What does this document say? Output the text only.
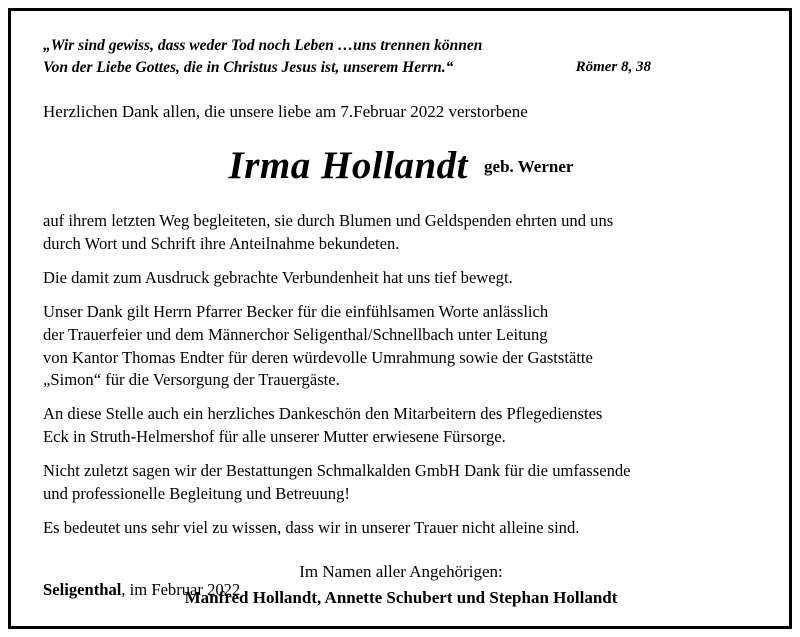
„Wir sind gewiss, dass weder Tod noch Leben …uns trennen können
Von der Liebe Gottes, die in Christus Jesus ist, unserem Herrn.“	Römer 8, 38
Herzlichen Dank allen, die unsere liebe am 7.Februar 2022 verstorbene
Irma Hollandt geb. Werner

auf ihrem letzten Weg begleiteten, sie durch Blumen und Geldspenden ehrten und uns
durch Wort und Schrift ihre Anteilnahme bekundeten.

Die damit zum Ausdruck gebrachte Verbundenheit hat uns tief bewegt.

Unser Dank gilt Herrn Pfarrer Becker für die einfühlsamen Worte anlässlich
der Trauerfeier und dem Männerchor Seligenthal/Schnellbach unter Leitung
von Kantor Thomas Endter für deren würdevolle Umrahmung sowie der Gaststätte
„Simon“ für die Versorgung der Trauergäste.

An diese Stelle auch ein herzliches Dankeschön den Mitarbeitern des Pflegedienstes
Eck in Struth-Helmershof für alle unserer Mutter erwiesene Fürsorge.

Nicht zuletzt sagen wir der Bestattungen Schmalkalden GmbH Dank für die umfassende
und professionelle Begleitung und Betreuung!

Es bedeutet uns sehr viel zu wissen, dass wir in unserer Trauer nicht alleine sind.

Im Namen aller Angehörigen:
Manfred Hollandt, Annette Schubert und Stephan Hollandt
Seligenthal, im Februar 2022
